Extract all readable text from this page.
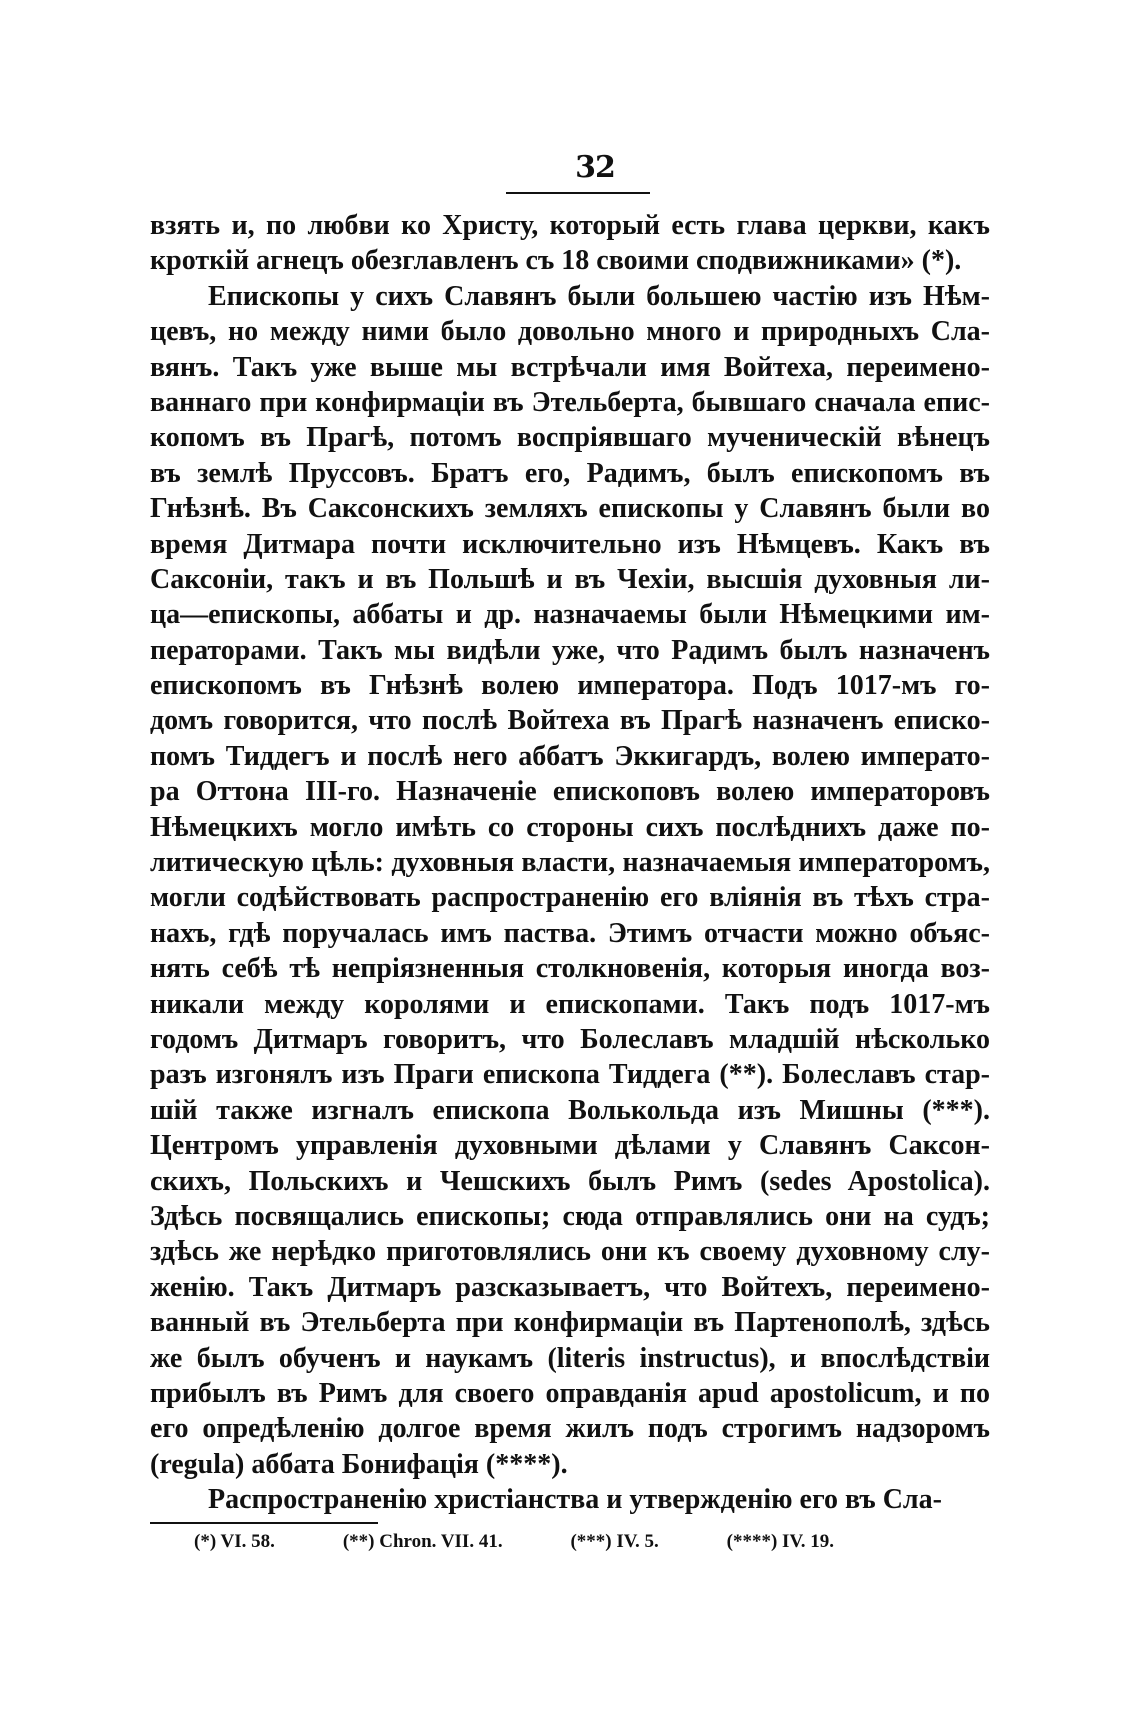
32
взять и, по любви ко Христу, который есть глава церкви, какъ
кроткій агнецъ обезглавленъ съ 18 своими сподвижниками» (*).
Епископы у сихъ Славянъ были большею частію изъ Нѣм-
цевъ, но между ними было довольно много и природныхъ Сла-
вянъ. Такъ уже выше мы встрѣчали имя Войтеха, переимено-
ваннаго при конфирмаціи въ Этельберта, бывшаго сначала епис-
копомъ въ Прагѣ, потомъ воспріявшаго мученическій вѣнецъ
въ землѣ Пруссовъ. Братъ его, Радимъ, былъ епископомъ въ
Гнѣзнѣ. Въ Саксонскихъ земляхъ епископы у Славянъ были во
время Дитмара почти исключительно изъ Нѣмцевъ. Какъ въ
Саксоніи, такъ и въ Польшѣ и въ Чехіи, высшія духовныя ли-
ца—епископы, аббаты и др. назначаемы были Нѣмецкими им-
ператорами. Такъ мы видѣли уже, что Радимъ былъ назначенъ
епископомъ въ Гнѣзнѣ волею императора. Подъ 1017-мъ го-
домъ говорится, что послѣ Войтеха въ Прагѣ назначенъ еписко-
помъ Тиддегъ и послѣ него аббатъ Эккигардъ, волею императо-
ра Оттона III-го. Назначеніе епископовъ волею императоровъ
Нѣмецкихъ могло имѣть со стороны сихъ послѣднихъ даже по-
литическую цѣль: духовныя власти, назначаемыя императоромъ,
могли содѣйствовать распространенію его вліянія въ тѣхъ стра-
нахъ, гдѣ поручалась имъ паства. Этимъ отчасти можно объяс-
нять себѣ тѣ непріязненныя столкновенія, которыя иногда воз-
никали между королями и епископами. Такъ подъ 1017-мъ
годомъ Дитмаръ говоритъ, что Болеславъ младшій нѣсколько
разъ изгонялъ изъ Праги епископа Тиддега (**). Болеславъ стар-
шій также изгналъ епископа Волькольда изъ Мишны (***).
Центромъ управленія духовными дѣлами у Славянъ Саксон-
скихъ, Польскихъ и Чешскихъ былъ Римъ (sedes Apostolica).
Здѣсь посвящались епископы; сюда отправлялись они на судъ;
здѣсь же нерѣдко приготовлялись они къ своему духовному слу-
женію. Такъ Дитмаръ разсказываетъ, что Войтехъ, переимено-
ванный въ Этельберта при конфирмаціи въ Партенополѣ, здѣсь
же былъ обученъ и наукамъ (literis instructus), и впослѣдствіи
прибылъ въ Римъ для своего оправданія apud apostolicum, и по
его опредѣленію долгое время жилъ подъ строгимъ надзоромъ
(regula) аббата Бонифація (****).
Распространенію христіанства и утвержденію его въ Сла-
(*) VI. 58.	(**) Chron. VII. 41.	(***) IV. 5.	(****) IV. 19.
